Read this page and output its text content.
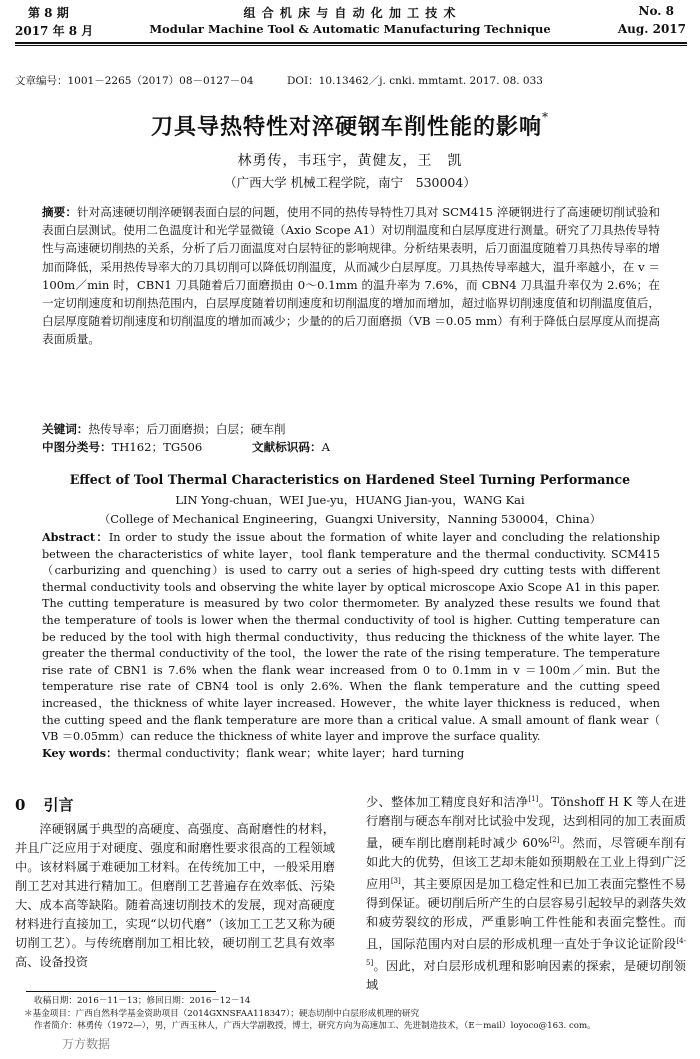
第 8 期
2017 年 8 月
组 合 机 床 与 自 动 化 加 工 技 术
Modular Machine Tool & Automatic Manufacturing Technique
No. 8
Aug. 2017
文章编号：1001－2265（2017）08－0127－04	DOI：10.13462／j. cnki. mmtamt. 2017. 08. 033
刀具导热特性对淬硬钢车削性能的影响*
林勇传，韦珏宇，黄健友，王　凯
（广西大学 机械工程学院，南宁　530004）
摘要：针对高速硬切削淬硬钢表面白层的问题，使用不同的热传导特性刀具对 SCM415 淬硬钢进行了高速硬切削试验和表面白层测试。使用二色温度计和光学显微镜（Axio Scope A1）对切削温度和白层厚度进行测量。研究了刀具热传导特性与高速硬切削热的关系，分析了后刀面温度对白层特征的影响规律。分析结果表明，后刀面温度随着刀具热传导率的增加而降低，采用热传导率大的刀具切削可以降低切削温度，从而减少白层厚度。刀具热传导率越大，温升率越小，在 v ＝100m／min 时，CBN1 刀具随着后刀面磨损由 0～0.1mm 的温升率为 7.6%，而 CBN4 刀具温升率仅为 2.6%；在一定切削速度和切削热范围内，白层厚度随着切削速度和切削温度的增加而增加，超过临界切削速度值和切削温度值后，白层厚度随着切削速度和切削温度的增加而减少；少量的的后刀面磨损（VB ＝0.05 mm）有利于降低白层厚度从而提高表面质量。
关键词：热传导率；后刀面磨损；白层；硬车削
中图分类号：TH162；TG506	文献标识码：A
Effect of Tool Thermal Characteristics on Hardened Steel Turning Performance
LIN Yong-chuan，WEI Jue-yu，HUANG Jian-you，WANG Kai
（College of Mechanical Engineering，Guangxi University，Nanning 530004，China）
Abstract：In order to study the issue about the formation of white layer and concluding the relationship between the characteristics of white layer，tool flank temperature and the thermal conductivity. SCM415（carburizing and quenching）is used to carry out a series of high-speed dry cutting tests with different thermal conductivity tools and observing the white layer by optical microscope Axio Scope A1 in this paper. The cutting temperature is measured by two color thermometer. By analyzed these results we found that the temperature of tools is lower when the thermal conductivity of tool is higher. Cutting temperature can be reduced by the tool with high thermal conductivity，thus reducing the thickness of the white layer. The greater the thermal conductivity of the tool，the lower the rate of the rising temperature. The temperature rise rate of CBN1 is 7.6% when the flank wear increased from 0 to 0.1mm in v ＝100m／min. But the temperature rise rate of CBN4 tool is only 2.6%. When the flank temperature and the cutting speed increased，the thickness of white layer increased. However，the white layer thickness is reduced，when the cutting speed and the flank temperature are more than a critical value. A small amount of flank wear（ VB ＝0.05mm）can reduce the thickness of white layer and improve the surface quality.
Key words：thermal conductivity；flank wear；white layer；hard turning
0 引言
淬硬钢属于典型的高硬度、高强度、高耐磨性的材料，并且广泛应用于对硬度、强度和耐磨性要求很高的工程领域中。该材料属于难硬加工材料。在传统加工中，一般采用磨削工艺对其进行精加工。但磨削工艺普遍存在效率低、污染大、成本高等缺陷。随着高速切削技术的发展，现对高硬度材料进行直接加工，实现“以切代磨”（该加工工艺又称为硬切削工艺）。与传统磨削加工相比较，硬切削工艺具有效率高、设备投资
少、整体加工精度良好和洁净[1]。Tönshoff H K 等人在进行磨削与硬态车削对比试验中发现，达到相同的加工表面质量，硬车削比磨削耗时减少 60%[2]。然而，尽管硬车削有如此大的优势，但该工艺却未能如预期般在工业上得到广泛应用[3]，其主要原因是加工稳定性和已加工表面完整性不易得到保证。硬切削后所产生的白层容易引起较早的剥落失效和疲劳裂纹的形成，严重影响工件性能和表面完整性。而且，国际范围内对白层的形成机理一直处于争议论证阶段[4-5]。因此，对白层形成机理和影响因素的探索，是硬切削领域
收稿日期：2016－11－13；修回日期：2016－12－14
＊基金项目：广西自然科学基金资助项目（2014GXNSFAA118347）；硬态切削中白层形成机理的研究
作者简介：林勇传（1972—），男，广西玉林人，广西大学副教授，博士，研究方向为高速加工、先进制造技术，（E－mail）loyoco@163. com。
万方数据
